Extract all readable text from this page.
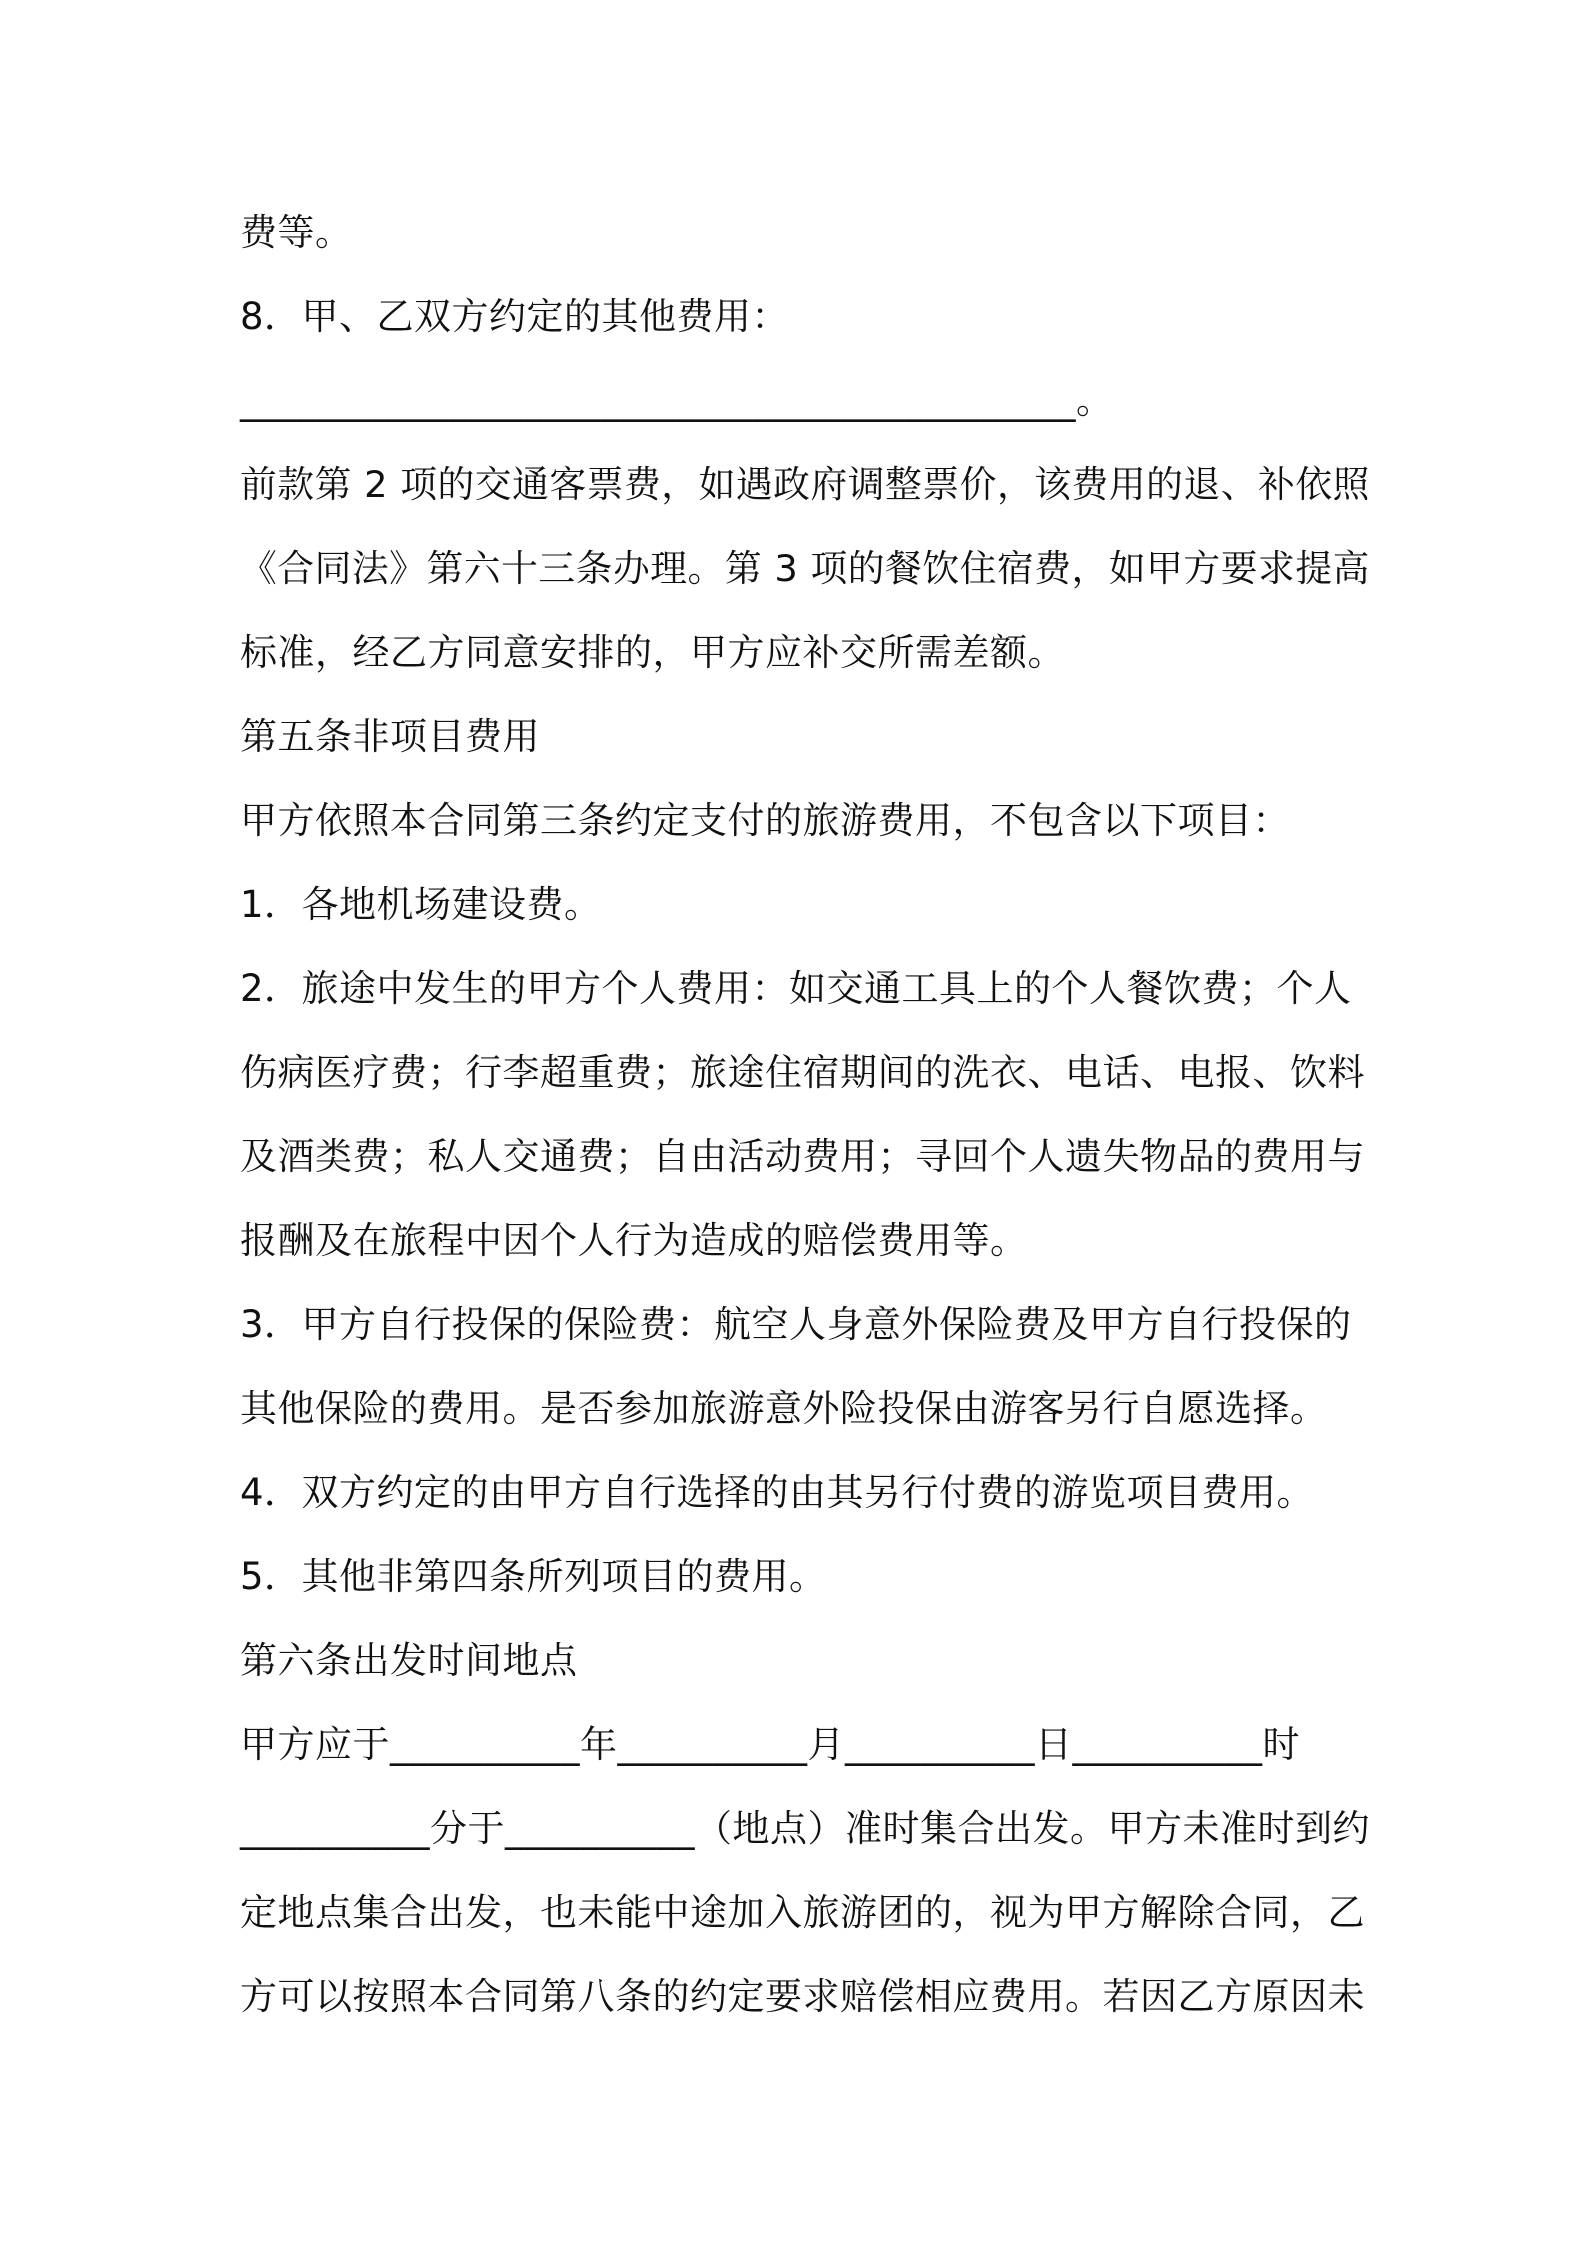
费等。
8．甲、乙双方约定的其他费用：
____________________________________________。
前款第 2 项的交通客票费，如遇政府调整票价，该费用的退、补依照
《合同法》第六十三条办理。第 3 项的餐饮住宿费，如甲方要求提高
标准，经乙方同意安排的，甲方应补交所需差额。
第五条非项目费用
甲方依照本合同第三条约定支付的旅游费用，不包含以下项目：
1．各地机场建设费。
2．旅途中发生的甲方个人费用：如交通工具上的个人餐饮费；个人
伤病医疗费；行李超重费；旅途住宿期间的洗衣、电话、电报、饮料
及酒类费；私人交通费；自由活动费用；寻回个人遗失物品的费用与
报酬及在旅程中因个人行为造成的赔偿费用等。
3．甲方自行投保的保险费：航空人身意外保险费及甲方自行投保的
其他保险的费用。是否参加旅游意外险投保由游客另行自愿选择。
4．双方约定的由甲方自行选择的由其另行付费的游览项目费用。
5．其他非第四条所列项目的费用。
第六条出发时间地点
甲方应于__________年__________月__________日__________时
__________分于__________（地点）准时集合出发。甲方未准时到约
定地点集合出发，也未能中途加入旅游团的，视为甲方解除合同，乙
方可以按照本合同第八条的约定要求赔偿相应费用。若因乙方原因未
